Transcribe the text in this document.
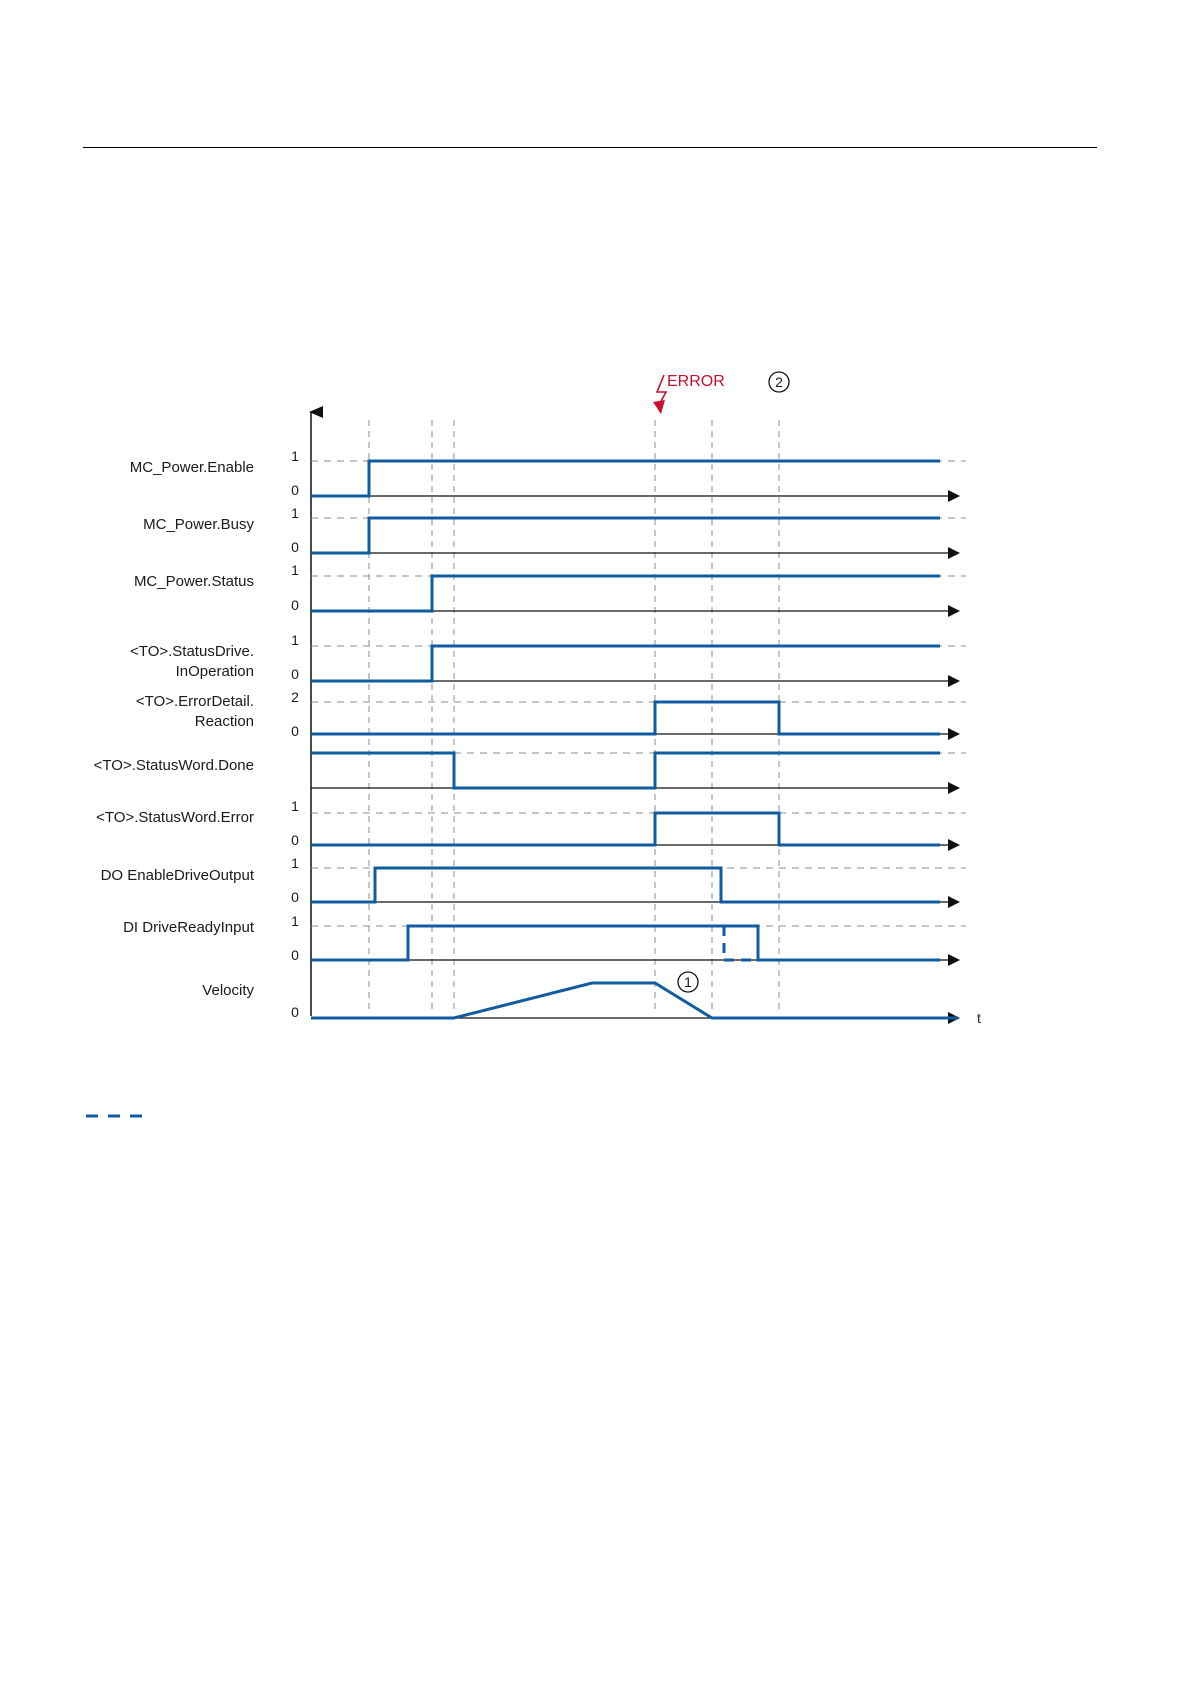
ERROR	2
MC_Power.Enable
1
0
MC_Power.Busy
1
0
MC_Power.Status
1
0
<TO>.StatusDrive.
InOperation
1
0
<TO>.ErrorDetail.
Reaction
2
0
<TO>.StatusWord.Done
<TO>.StatusWord.Error
1
0
DO EnableDriveOutput
1
0
DI DriveReadyInput	1
0
Velocity
0	t
1
